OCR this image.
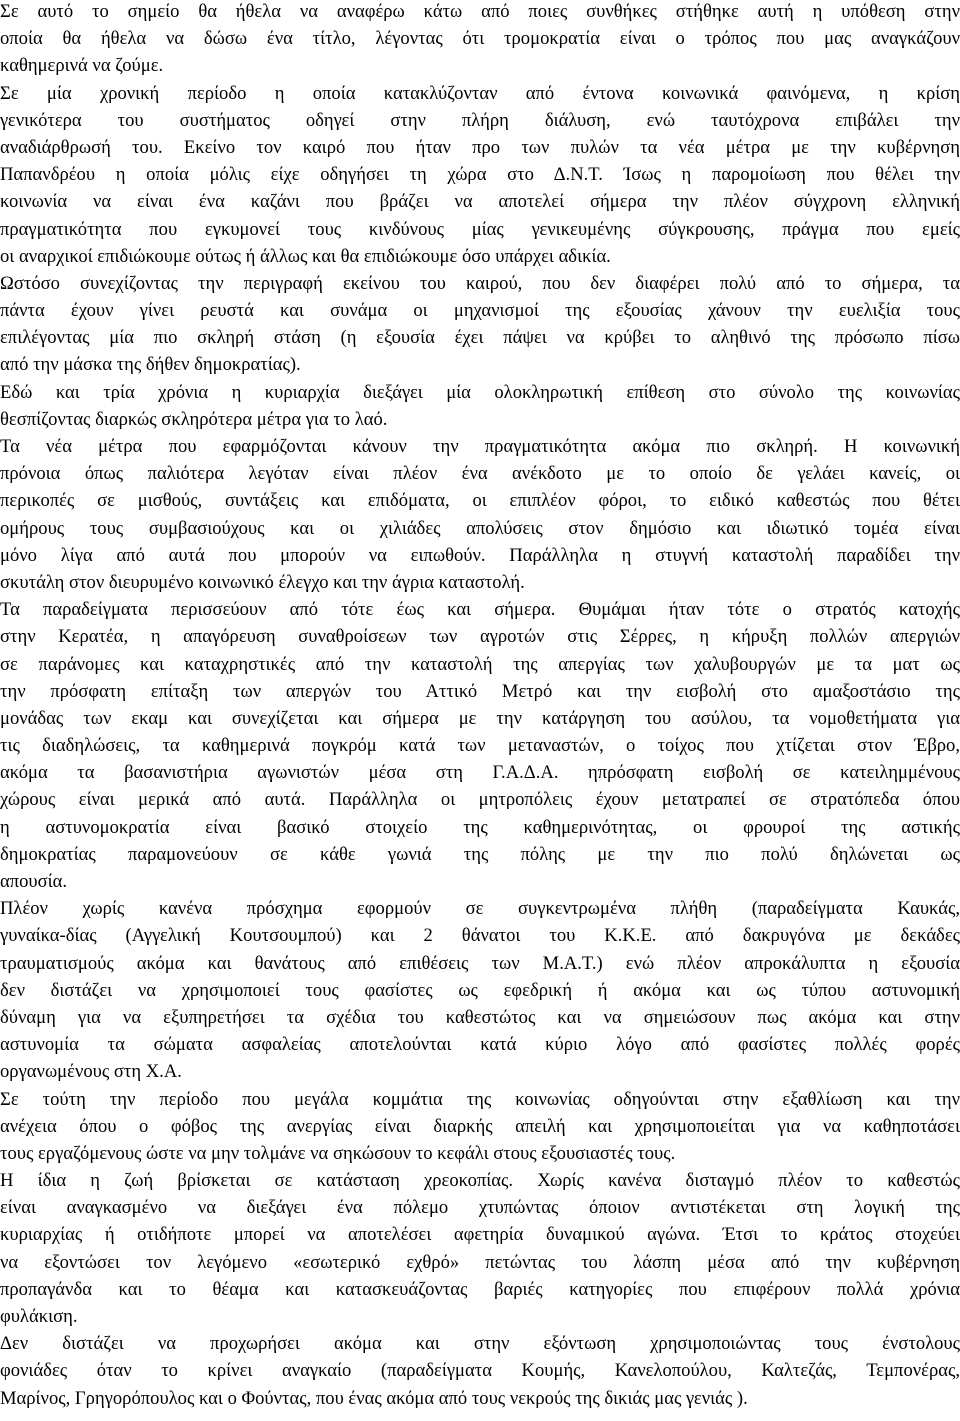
Σε αυτό το σημείο θα ήθελα να αναφέρω κάτω από ποιες συνθήκες στήθηκε αυτή η υπόθεση στην
οποία θα ήθελα να δώσω ένα τίτλο, λέγοντας ότι τρομοκρατία είναι ο τρόπος που μας αναγκάζουν
καθημερινά να ζούμε.
Σε μία χρονική περίοδο η οποία κατακλύζονταν από έντονα κοινωνικά φαινόμενα, η κρίση
γενικότερα του συστήματος οδηγεί στην πλήρη διάλυση, ενώ ταυτόχρονα επιβάλει την
αναδιάρθρωσή του. Εκείνο τον καιρό που ήταν προ των πυλών τα νέα μέτρα με την κυβέρνηση
Παπανδρέου η οποία μόλις είχε οδηγήσει τη χώρα στο Δ.Ν.Τ. Ίσως η παρομοίωση που θέλει την
κοινωνία να είναι ένα καζάνι που βράζει να αποτελεί σήμερα την πλέον σύγχρονη ελληνική
πραγματικότητα που εγκυμονεί τους κινδύνους μίας γενικευμένης σύγκρουσης, πράγμα που εμείς
οι αναρχικοί επιδιώκουμε ούτως ή άλλως και θα επιδιώκουμε όσο υπάρχει αδικία.
Ωστόσο συνεχίζοντας την περιγραφή εκείνου του καιρού, που δεν διαφέρει πολύ από το σήμερα, τα
πάντα έχουν γίνει ρευστά και συνάμα οι μηχανισμοί της εξουσίας χάνουν την ευελιξία τους
επιλέγοντας μία πιο σκληρή στάση (η εξουσία έχει πάψει να κρύβει το αληθινό της πρόσωπο πίσω
από την μάσκα της δήθεν δημοκρατίας).
Εδώ και τρία χρόνια η κυριαρχία διεξάγει μία ολοκληρωτική επίθεση στο σύνολο της κοινωνίας
θεσπίζοντας διαρκώς σκληρότερα μέτρα για το λαό.
Τα νέα μέτρα που εφαρμόζονται κάνουν την πραγματικότητα ακόμα πιο σκληρή. Η κοινωνική
πρόνοια όπως παλιότερα λεγόταν είναι πλέον ένα ανέκδοτο με το οποίο δε γελάει κανείς, οι
περικοπές σε μισθούς, συντάξεις και επιδόματα, οι επιπλέον φόροι, το ειδικό καθεστώς που θέτει
ομήρους τους συμβασιούχους και οι χιλιάδες απολύσεις στον δημόσιο και ιδιωτικό τομέα είναι
μόνο λίγα από αυτά που μπορούν να ειπωθούν. Παράλληλα η στυγνή καταστολή παραδίδει την
σκυτάλη στον διευρυμένο κοινωνικό έλεγχο και την άγρια καταστολή.
Τα παραδείγματα περισσεύουν από τότε έως και σήμερα. Θυμάμαι ήταν τότε ο στρατός κατοχής
στην Κερατέα, η απαγόρευση συναθροίσεων των αγροτών στις Σέρρες, η κήρυξη πολλών απεργιών
σε παράνομες και καταχρηστικές από την καταστολή της απεργίας των χαλυβουργών με τα ματ ως
την πρόσφατη επίταξη των απεργών του Αττικό Μετρό και την εισβολή στο αμαξοστάσιο της
μονάδας των εκαμ και συνεχίζεται και σήμερα με την κατάργηση του ασύλου, τα νομοθετήματα για
τις διαδηλώσεις, τα καθημερινά πογκρόμ κατά των μεταναστών, ο τοίχος που χτίζεται στον Έβρο,
ακόμα τα βασανιστήρια αγωνιστών μέσα στη Γ.Α.Δ.Α. ηπρόσφατη εισβολή σε κατειλημμένους
χώρους είναι μερικά από αυτά. Παράλληλα οι μητροπόλεις έχουν μετατραπεί σε στρατόπεδα όπου
η αστυνομοκρατία είναι βασικό στοιχείο της καθημερινότητας, οι φρουροί της αστικής
δημοκρατίας παραμονεύουν σε κάθε γωνιά της πόλης με την πιο πολύ δηλώνεται ως
απουσία.
Πλέον χωρίς κανένα πρόσχημα εφορμούν σε συγκεντρωμένα πλήθη (παραδείγματα Καυκάς,
γυναίκα-δίας (Αγγελική Κουτσουμπού) και 2 θάνατοι του Κ.Κ.Ε. από δακρυγόνα με δεκάδες
τραυματισμούς ακόμα και θανάτους από επιθέσεις των Μ.Α.Τ.) ενώ πλέον απροκάλυπτα η εξουσία
δεν διστάζει να χρησιμοποιεί τους φασίστες ως εφεδρική ή ακόμα και ως τύπου αστυνομική
δύναμη για να εξυπηρετήσει τα σχέδια του καθεστώτος και να σημειώσουν πως ακόμα και στην
αστυνομία τα σώματα ασφαλείας αποτελούνται κατά κύριο λόγο από φασίστες πολλές φορές
οργανωμένους στη Χ.Α.
Σε τούτη την περίοδο που μεγάλα κομμάτια της κοινωνίας οδηγούνται στην εξαθλίωση και την
ανέχεια όπου ο φόβος της ανεργίας είναι διαρκής απειλή και χρησιμοποιείται για να καθηποτάσει
τους εργαζόμενους ώστε να μην τολμάνε να σηκώσουν το κεφάλι στους εξουσιαστές τους.
Η ίδια η ζωή βρίσκεται σε κατάσταση χρεοκοπίας. Χωρίς κανένα δισταγμό πλέον το καθεστώς
είναι αναγκασμένο να διεξάγει ένα πόλεμο χτυπώντας όποιον αντιστέκεται στη λογική της
κυριαρχίας ή οτιδήποτε μπορεί να αποτελέσει αφετηρία δυναμικού αγώνα. Έτσι το κράτος στοχεύει
να εξοντώσει τον λεγόμενο «εσωτερικό εχθρό» πετώντας του λάσπη μέσα από την κυβέρνηση
προπαγάνδα και το θέαμα και κατασκευάζοντας βαριές κατηγορίες που επιφέρουν πολλά χρόνια
φυλάκιση.
Δεν διστάζει να προχωρήσει ακόμα και στην εξόντωση χρησιμοποιώντας τους ένστολους
φονιάδες όταν το κρίνει αναγκαίο (παραδείγματα Κουμής, Κανελοπούλου, Καλτεζάς, Τεμπονέρας,
Μαρίνος, Γρηγορόπουλος και ο Φούντας, που ένας ακόμα από τους νεκρούς της δικιάς μας γενιάς ).
